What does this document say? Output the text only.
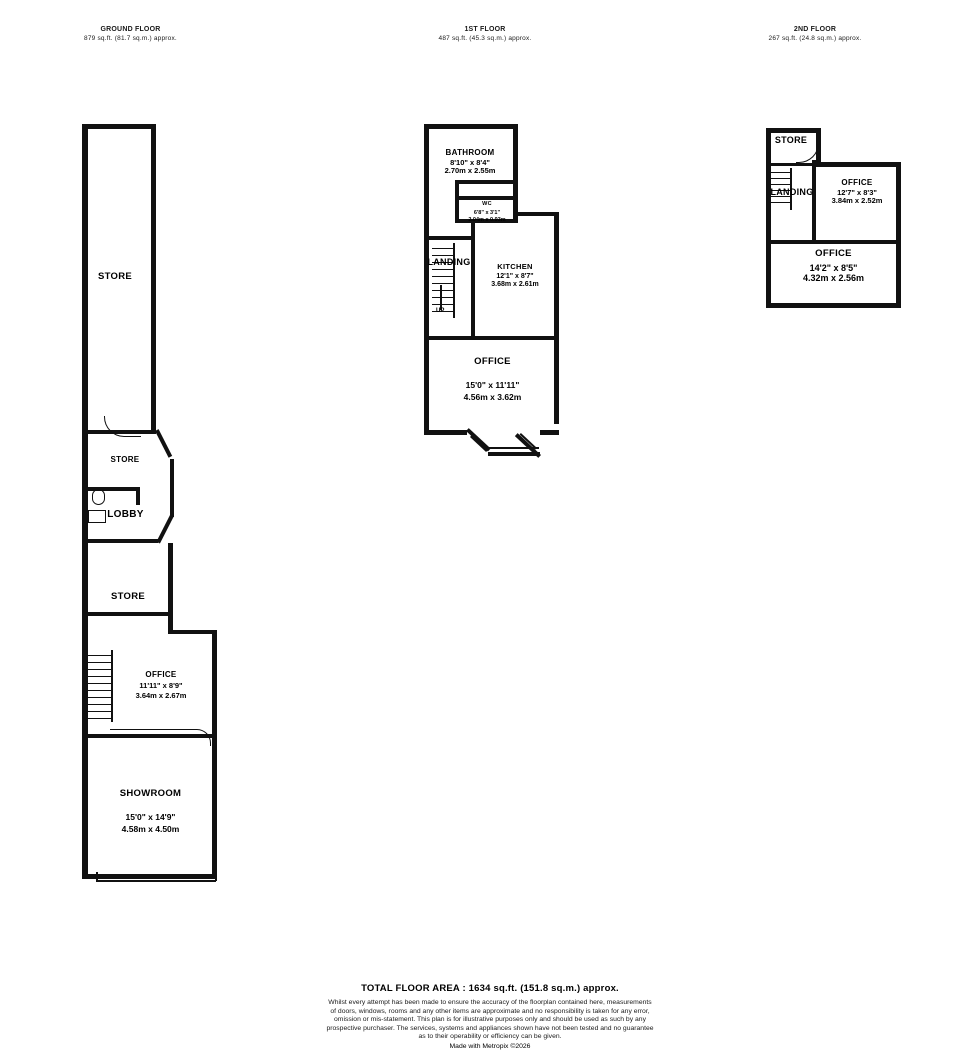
GROUND FLOOR
879 sq.ft. (81.7 sq.m.) approx.
1ST FLOOR
487 sq.ft. (45.3 sq.m.) approx.
2ND FLOOR
267 sq.ft. (24.8 sq.m.) approx.
STORE
STORE
LOBBY
STORE
OFFICE
11'11" x 8'9"
3.64m x 2.67m
SHOWROOM
15'0" x 14'9"
4.58m x 4.50m
UP
BATHROOM
8'10" x 8'4"
2.70m x 2.55m
WC
6'8" x 3'1"
2.04m x 0.93m
LANDING	KITCHEN
12'1" x 8'7"
3.68m x 2.61m
OFFICE
15'0" x 11'11"
4.56m x 3.62m
STORE
LANDING
OFFICE
12'7" x 8'3"
3.84m x 2.52m
OFFICE
14'2" x 8'5"
4.32m x 2.56m
TOTAL FLOOR AREA : 1634 sq.ft. (151.8 sq.m.) approx.
Whilst every attempt has been made to ensure the accuracy of the floorplan contained here, measurements
of doors, windows, rooms and any other items are approximate and no responsibility is taken for any error,
omission or mis-statement. This plan is for illustrative purposes only and should be used as such by any
prospective purchaser. The services, systems and appliances shown have not been tested and no guarantee
as to their operability or efficiency can be given.
Made with Metropix ©2026
